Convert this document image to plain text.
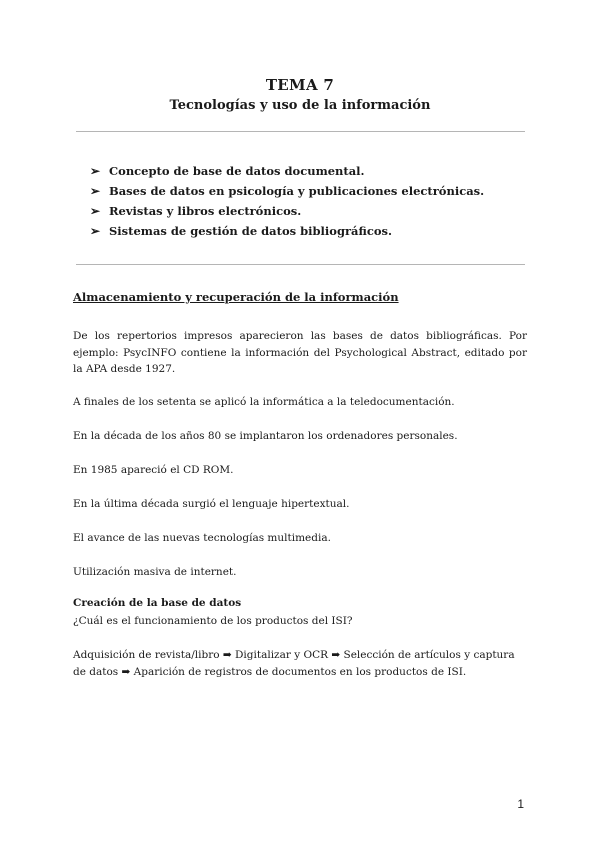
TEMA 7
Tecnologías y uso de la información
➢ Concepto de base de datos documental.
➢ Bases de datos en psicología y publicaciones electrónicas.
➢ Revistas y libros electrónicos.
➢ Sistemas de gestión de datos bibliográficos.
Almacenamiento y recuperación de la información

De los repertorios impresos aparecieron las bases de datos bibliográficas. Por ejemplo: PsycINFO contiene la información del Psychological Abstract, editado por la APA desde 1927.

A finales de los setenta se aplicó la informática a la teledocumentación.

En la década de los años 80 se implantaron los ordenadores personales.

En 1985 apareció el CD ROM.

En la última década surgió el lenguaje hipertextual.

El avance de las nuevas tecnologías multimedia.

Utilización masiva de internet.

Creación de la base de datos

¿Cuál es el funcionamiento de los productos del ISI?

Adquisición de revista/libro ➡ Digitalizar y OCR ➡ Selección de artículos y captura de datos ➡ Aparición de registros de documentos en los productos de ISI.

1
